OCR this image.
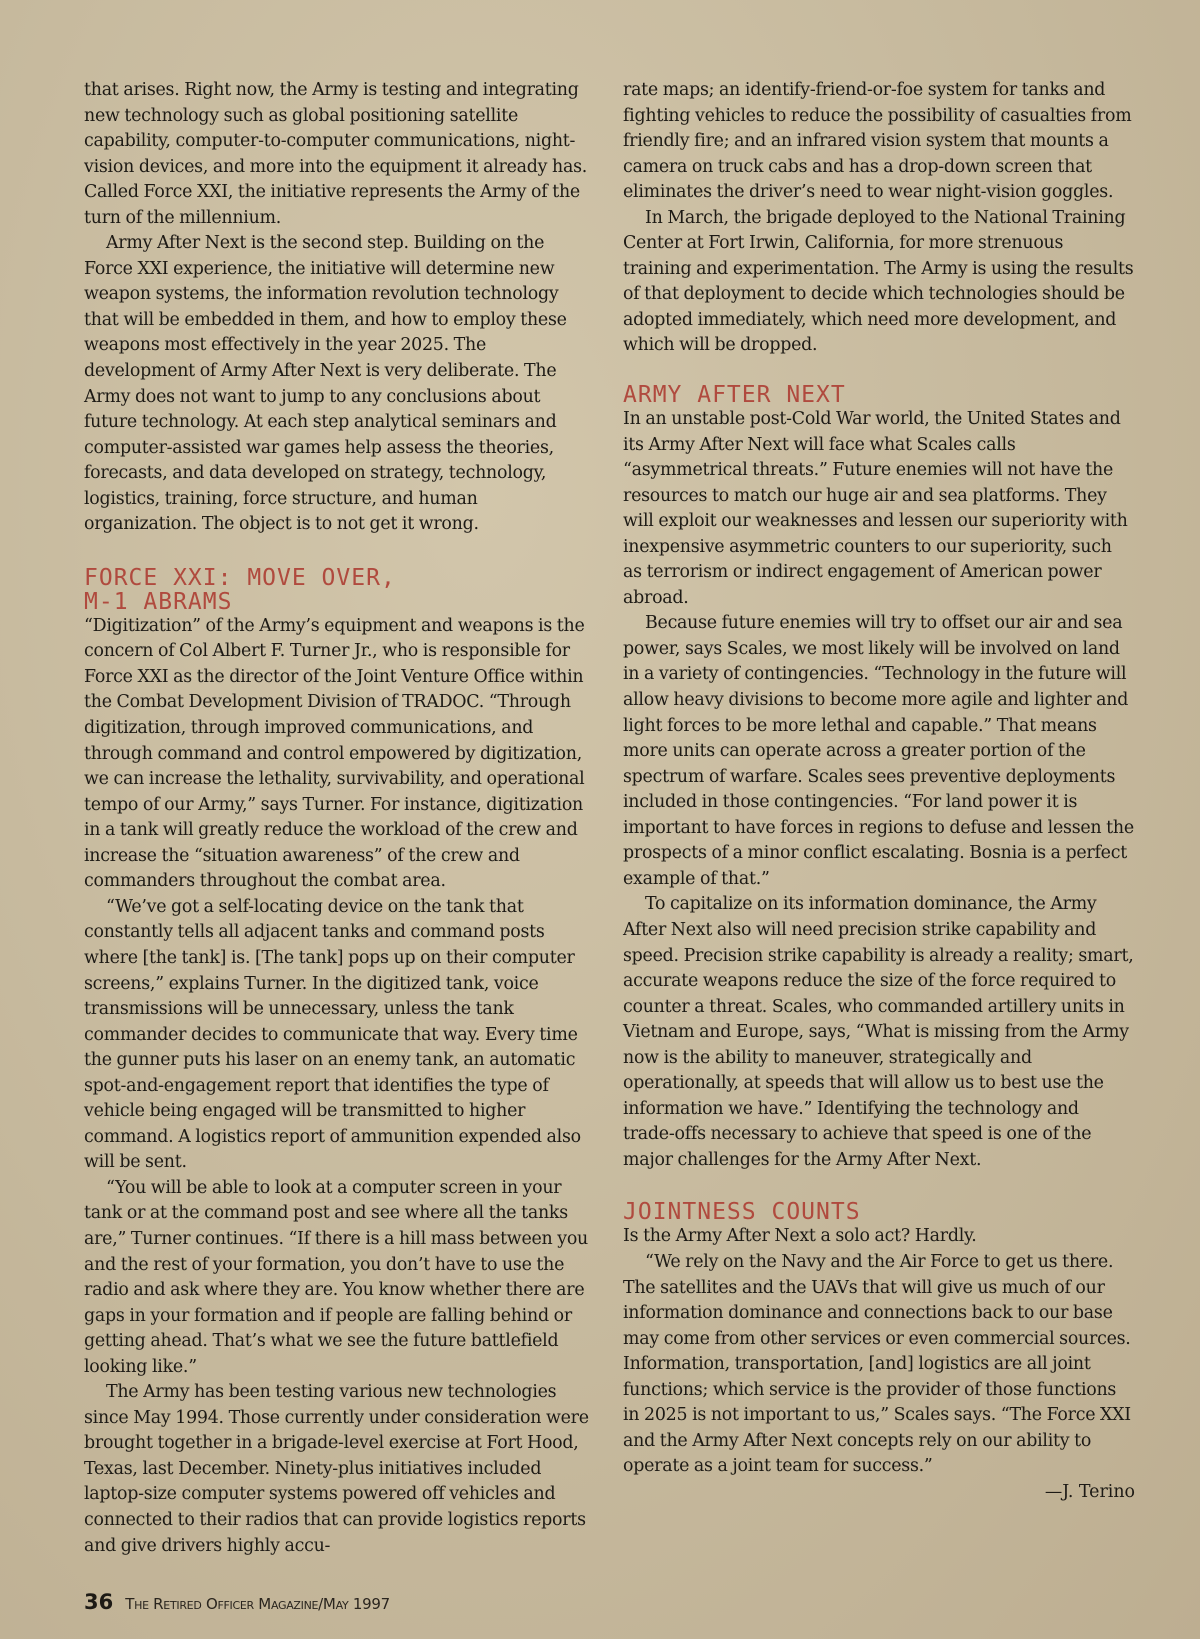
that arises. Right now, the Army is testing and integrating new technology such as global positioning satellite capability, computer-to-computer communications, night-vision devices, and more into the equipment it already has. Called Force XXI, the initiative represents the Army of the turn of the millennium.

Army After Next is the second step. Building on the Force XXI experience, the initiative will determine new weapon systems, the information revolution technology that will be embedded in them, and how to employ these weapons most effectively in the year 2025. The development of Army After Next is very deliberate. The Army does not want to jump to any conclusions about future technology. At each step analytical seminars and computer-assisted war games help assess the theories, forecasts, and data developed on strategy, technology, logistics, training, force structure, and human organization. The object is to not get it wrong.

FORCE XXI: MOVE OVER,
M-1 ABRAMS

“Digitization” of the Army’s equipment and weapons is the concern of Col Albert F. Turner Jr., who is responsible for Force XXI as the director of the Joint Venture Office within the Combat Development Division of TRADOC. “Through digitization, through improved communications, and through command and control empowered by digitization, we can increase the lethality, survivability, and operational tempo of our Army,” says Turner. For instance, digitization in a tank will greatly reduce the workload of the crew and increase the “situation awareness” of the crew and commanders throughout the combat area.

“We’ve got a self-locating device on the tank that constantly tells all adjacent tanks and command posts where [the tank] is. [The tank] pops up on their computer screens,” explains Turner. In the digitized tank, voice transmissions will be unnecessary, unless the tank commander decides to communicate that way. Every time the gunner puts his laser on an enemy tank, an automatic spot-and-engagement report that identifies the type of vehicle being engaged will be transmitted to higher command. A logistics report of ammunition expended also will be sent.

“You will be able to look at a computer screen in your tank or at the command post and see where all the tanks are,” Turner continues. “If there is a hill mass between you and the rest of your formation, you don’t have to use the radio and ask where they are. You know whether there are gaps in your formation and if people are falling behind or getting ahead. That’s what we see the future battlefield looking like.”

The Army has been testing various new technologies since May 1994. Those currently under consideration were brought together in a brigade-level exercise at Fort Hood, Texas, last December. Ninety-plus initiatives included laptop-size computer systems powered off vehicles and connected to their radios that can provide logistics reports and give drivers highly accu-

rate maps; an identify-friend-or-foe system for tanks and fighting vehicles to reduce the possibility of casualties from friendly fire; and an infrared vision system that mounts a camera on truck cabs and has a drop-down screen that eliminates the driver’s need to wear night-vision goggles.

In March, the brigade deployed to the National Training Center at Fort Irwin, California, for more strenuous training and experimentation. The Army is using the results of that deployment to decide which technologies should be adopted immediately, which need more development, and which will be dropped.

ARMY AFTER NEXT

In an unstable post-Cold War world, the United States and its Army After Next will face what Scales calls “asymmetrical threats.” Future enemies will not have the resources to match our huge air and sea platforms. They will exploit our weaknesses and lessen our superiority with inexpensive asymmetric counters to our superiority, such as terrorism or indirect engagement of American power abroad.

Because future enemies will try to offset our air and sea power, says Scales, we most likely will be involved on land in a variety of contingencies. “Technology in the future will allow heavy divisions to become more agile and lighter and light forces to be more lethal and capable.” That means more units can operate across a greater portion of the spectrum of warfare. Scales sees preventive deployments included in those contingencies. “For land power it is important to have forces in regions to defuse and lessen the prospects of a minor conflict escalating. Bosnia is a perfect example of that.”

To capitalize on its information dominance, the Army After Next also will need precision strike capability and speed. Precision strike capability is already a reality; smart, accurate weapons reduce the size of the force required to counter a threat. Scales, who commanded artillery units in Vietnam and Europe, says, “What is missing from the Army now is the ability to maneuver, strategically and operationally, at speeds that will allow us to best use the information we have.” Identifying the technology and trade-offs necessary to achieve that speed is one of the major challenges for the Army After Next.

JOINTNESS COUNTS

Is the Army After Next a solo act? Hardly.

“We rely on the Navy and the Air Force to get us there. The satellites and the UAVs that will give us much of our information dominance and connections back to our base may come from other services or even commercial sources. Information, transportation, [and] logistics are all joint functions; which service is the provider of those functions in 2025 is not important to us,” Scales says. “The Force XXI and the Army After Next concepts rely on our ability to operate as a joint team for success.”

—J. Terino

36 The Retired Officer Magazine/May 1997
